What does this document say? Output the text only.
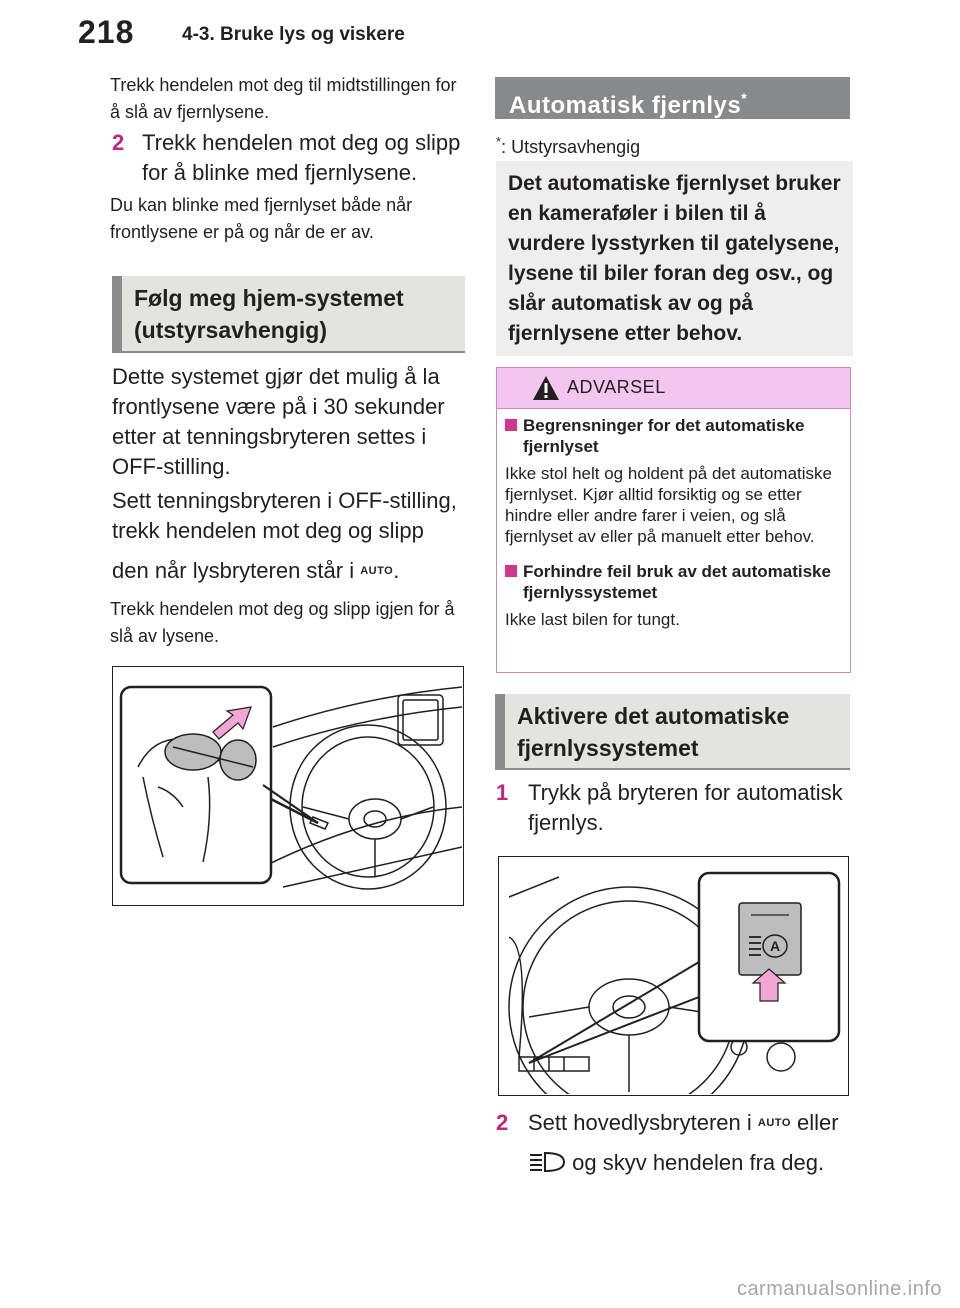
218	4-3. Bruke lys og viskere
Trekk hendelen mot deg til midtstillingen for å slå av fjernlysene.
2 Trekk hendelen mot deg og slipp for å blinke med fjernlysene.
Du kan blinke med fjernlyset både når frontlysene er på og når de er av.
Følg meg hjem-systemet (utstyrsavhengig)
Dette systemet gjør det mulig å la frontlysene være på i 30 sekunder etter at tenningsbryteren settes i OFF-stilling.
Sett tenningsbryteren i OFF-stilling, trekk hendelen mot deg og slipp
den når lysbryteren står i AUTO.
Trekk hendelen mot deg og slipp igjen for å slå av lysene.
Automatisk fjernlys*
*: Utstyrsavhengig
Det automatiske fjernlyset bruker en kameraføler i bilen til å vurdere lysstyrken til gatelysene, lysene til biler foran deg osv., og slår automatisk av og på fjernlysene etter behov.
ADVARSEL
Begrensninger for det automatiske fjernlyset
Ikke stol helt og holdent på det automatiske fjernlyset. Kjør alltid forsiktig og se etter hindre eller andre farer i veien, og slå fjernlyset av eller på manuelt etter behov.
Forhindre feil bruk av det automatiske fjernlyssystemet
Ikke last bilen for tungt.
Aktivere det automatiske fjernlyssystemet
1 Trykk på bryteren for automatisk fjernlys.
A
2 Sett hovedlysbryteren i AUTO eller
og skyv hendelen fra deg.
carmanualsonline.info
